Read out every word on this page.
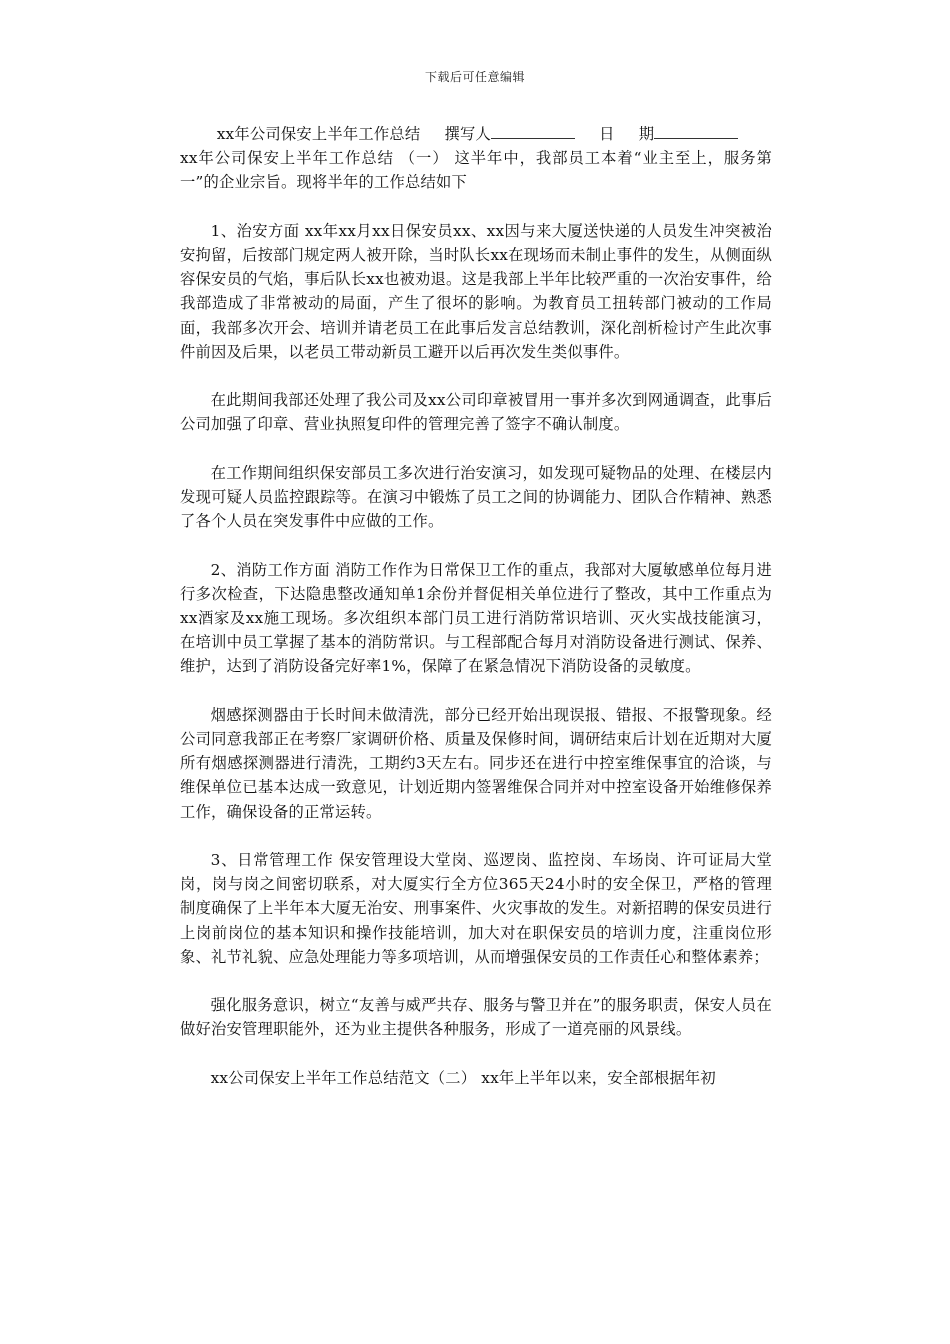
下载后可任意编辑

xx年公司保安上半年工作总结 撰写人	日 期
xx年公司保安上半年工作总结 （一） 这半年中，我部员工本着“业主至上，服务第一”的企业宗旨。现将半年的工作总结如下

1、治安方面 xx年xx月xx日保安员xx、xx因与来大厦送快递的人员发生冲突被治安拘留，后按部门规定两人被开除，当时队长xx在现场而未制止事件的发生，从侧面纵容保安员的气焰，事后队长xx也被劝退。这是我部上半年比较严重的一次治安事件，给我部造成了非常被动的局面，产生了很坏的影响。为教育员工扭转部门被动的工作局面，我部多次开会、培训并请老员工在此事后发言总结教训，深化剖析检讨产生此次事件前因及后果，以老员工带动新员工避开以后再次发生类似事件。

在此期间我部还处理了我公司及xx公司印章被冒用一事并多次到网通调查，此事后公司加强了印章、营业执照复印件的管理完善了签字不确认制度。

在工作期间组织保安部员工多次进行治安演习，如发现可疑物品的处理、在楼层内发现可疑人员监控跟踪等。在演习中锻炼了员工之间的协调能力、团队合作精神、熟悉了各个人员在突发事件中应做的工作。

2、消防工作方面 消防工作作为日常保卫工作的重点，我部对大厦敏感单位每月进行多次检查，下达隐患整改通知单1余份并督促相关单位进行了整改，其中工作重点为xx酒家及xx施工现场。多次组织本部门员工进行消防常识培训、灭火实战技能演习，在培训中员工掌握了基本的消防常识。与工程部配合每月对消防设备进行测试、保养、维护，达到了消防设备完好率1%，保障了在紧急情况下消防设备的灵敏度。

烟感探测器由于长时间未做清洗，部分已经开始出现误报、错报、不报警现象。经公司同意我部正在考察厂家调研价格、质量及保修时间，调研结束后计划在近期对大厦所有烟感探测器进行清洗，工期约3天左右。同步还在进行中控室维保事宜的洽谈，与维保单位已基本达成一致意见，计划近期内签署维保合同并对中控室设备开始维修保养工作，确保设备的正常运转。

3、日常管理工作 保安管理设大堂岗、巡逻岗、监控岗、车场岗、许可证局大堂岗，岗与岗之间密切联系，对大厦实行全方位365天24小时的安全保卫，严格的管理制度确保了上半年本大厦无治安、刑事案件、火灾事故的发生。对新招聘的保安员进行上岗前岗位的基本知识和操作技能培训，加大对在职保安员的培训力度，注重岗位形象、礼节礼貌、应急处理能力等多项培训，从而增强保安员的工作责任心和整体素养；

强化服务意识，树立“友善与威严共存、服务与警卫并在”的服务职责，保安人员在做好治安管理职能外，还为业主提供各种服务，形成了一道亮丽的风景线。

xx公司保安上半年工作总结范文（二） xx年上半年以来，安全部根据年初
